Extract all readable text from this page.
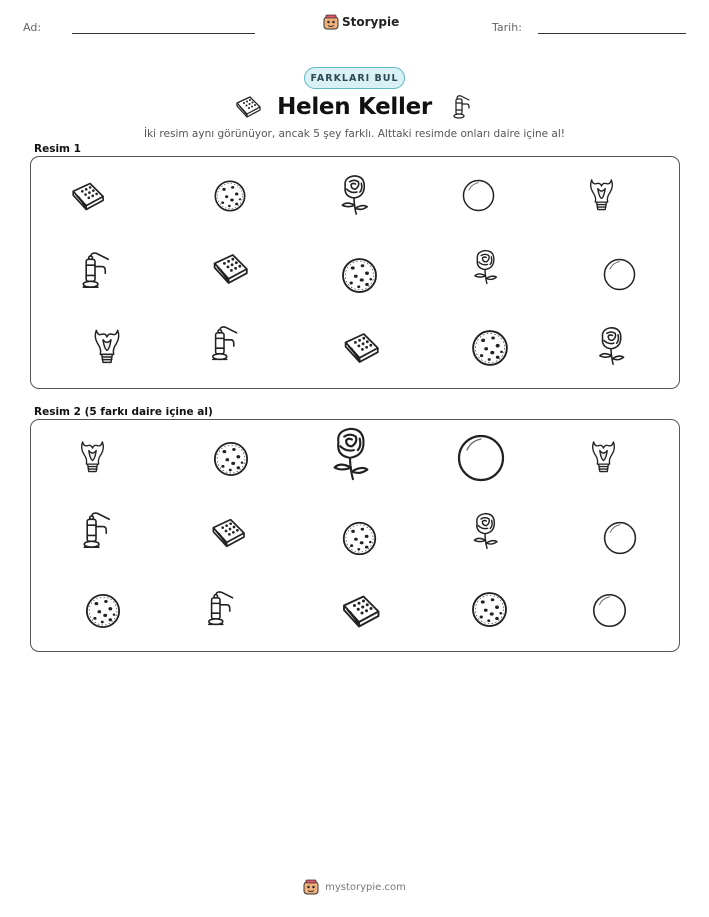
Ad:	Storypie	Tarih:
FARKLARI BUL
Helen Keller

İki resim aynı görünüyor, ancak 5 şey farklı. Alttaki resimde onları daire içine al!

Resim 1
Resim 2 (5 farkı daire içine al)
mystorypie.com
